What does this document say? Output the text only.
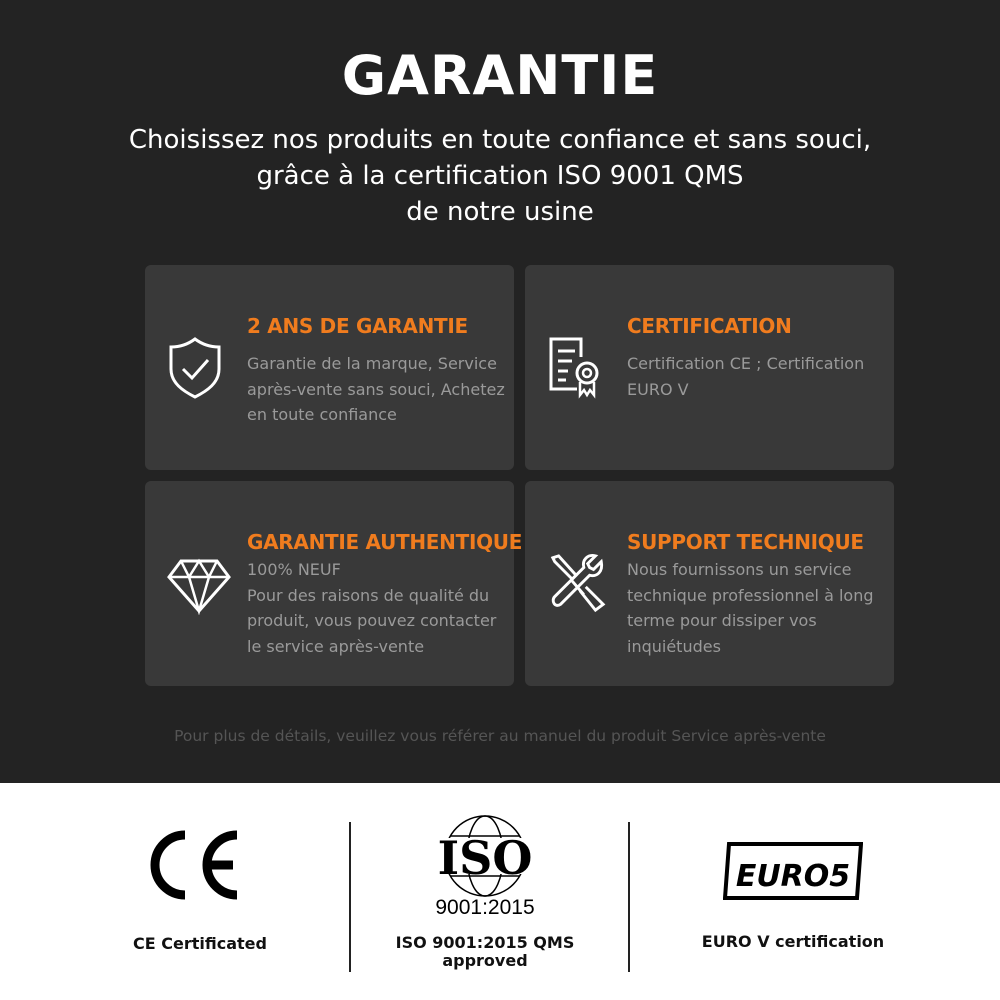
GARANTIE
Choisissez nos produits en toute confiance et sans souci,
grâce à la certification ISO 9001 QMS
de notre usine
2 ANS DE GARANTIE

Garantie de la marque, Service après-vente sans souci, Achetez en toute confiance

CERTIFICATION

Certification CE ; Certification EURO V

GARANTIE AUTHENTIQUE

100% NEUF
Pour des raisons de qualité du produit, vous pouvez contacter le service après-vente

SUPPORT TECHNIQUE

Nous fournissons un service technique professionnel à long terme pour dissiper vos inquiétudes

Pour plus de détails, veuillez vous référer au manuel du produit Service après-vente
CE Certificated
ISO
9001:2015
ISO 9001:2015 QMS
approved
EURO5
EURO V certification
